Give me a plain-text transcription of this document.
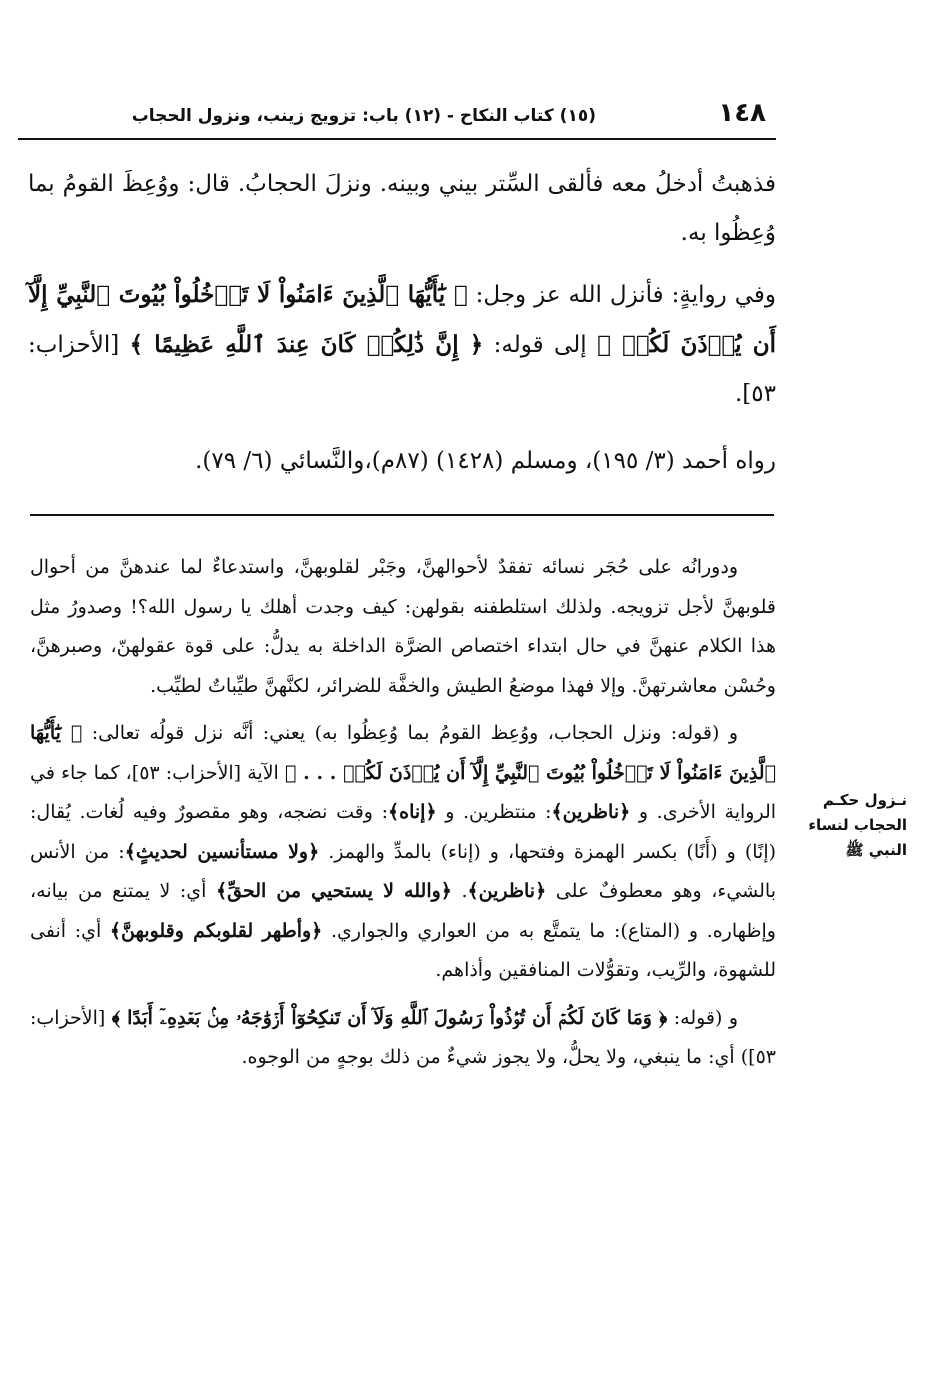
١٤٨
(١٥) كتاب النكاح - (١٢) باب: تزويج زينب، ونزول الحجاب

فذهبتُ أدخلُ معه فألقى السِّتر بيني وبينه. ونزلَ الحجابُ. قال: ووُعِظَ القومُ بما وُعِظُوا به.

وفي روايةٍ: فأنزل الله عز وجل: ﴿ يَٰٓأَيُّهَا ٱلَّذِينَ ءَامَنُواْ لَا تَدۡخُلُواْ بُيُوتَ ٱلنَّبِيِّ إِلَّآ أَن يُؤۡذَنَ لَكُمۡ ﴾ إلى قوله: ﴿ إِنَّ ذَٰلِكُمۡ كَانَ عِندَ ٱللَّهِ عَظِيمًا ﴾ [الأحزاب: ٥٣].

رواه أحمد (٣/ ١٩٥)، ومسلم (١٤٢٨) (٨٧م)،والنَّسائي (٦/ ٧٩).

ودورانُه على حُجَر نسائه تفقدٌ لأحوالهنَّ، وجَبْر لقلوبهنَّ، واستدعاءٌ لما عندهنَّ من أحوال قلوبهنَّ لأجل تزويجه. ولذلك استلطفنه بقولهن: كيف وجدت أهلك يا رسول الله؟! وصدورُ مثل هذا الكلام عنهنَّ في حال ابتداء اختصاص الضرَّة الداخلة به يدلُّ: على قوة عقولهنّ، وصبرهنَّ، وحُسْن معاشرتهنَّ. وإلا فهذا موضعُ الطيش والخفَّة للضرائر، لكنَّهنَّ طيِّباتٌ لطيِّب.

و (قوله: ونزل الحجاب، ووُعِظ القومُ بما وُعِظُوا به) يعني: أنَّه نزل قولُه تعالى: ﴿ يَٰٓأَيُّهَا ٱلَّذِينَ ءَامَنُواْ لَا تَدۡخُلُواْ بُيُوتَ ٱلنَّبِيِّ إِلَّآ أَن يُؤۡذَنَ لَكُمۡ . . . ﴾ الآية [الأحزاب: ٥٣]، كما جاء في الرواية الأخرى. و ﴿ناظرين﴾: منتظرين. و ﴿إناه﴾: وقت نضجه، وهو مقصورٌ وفيه لُغات. يُقال: (إنًا) و (أَنًا) بكسر الهمزة وفتحها، و (إناء) بالمدِّ والهمز. ﴿ولا مستأنسين لحديثٍ﴾: من الأنس بالشيء، وهو معطوفٌ على ﴿ناظرين﴾. ﴿والله لا يستحيي من الحقِّ﴾ أي: لا يمتنع من بيانه، وإظهاره. و (المتاع): ما يتمتَّع به من العواري والجواري. ﴿وأطهر لقلوبكم وقلوبهنَّ﴾ أي: أنفى للشهوة، والرِّيب، وتقوُّلات المنافقين وأذاهم.

و (قوله: ﴿ وَمَا كَانَ لَكُمۡ أَن تُؤۡذُواْ رَسُولَ ٱللَّهِ وَلَآ أَن تَنكِحُوٓاْ أَزۡوَٰجَهُۥ مِنۢ بَعۡدِهِۦٓ أَبَدًا ﴾ [الأحزاب: ٥٣]) أي: ما ينبغي، ولا يحلُّ، ولا يجوز شيءٌ من ذلك بوجهٍ من الوجوه.

نـزول حكـم الحجاب لنساء النبي ﷺ
